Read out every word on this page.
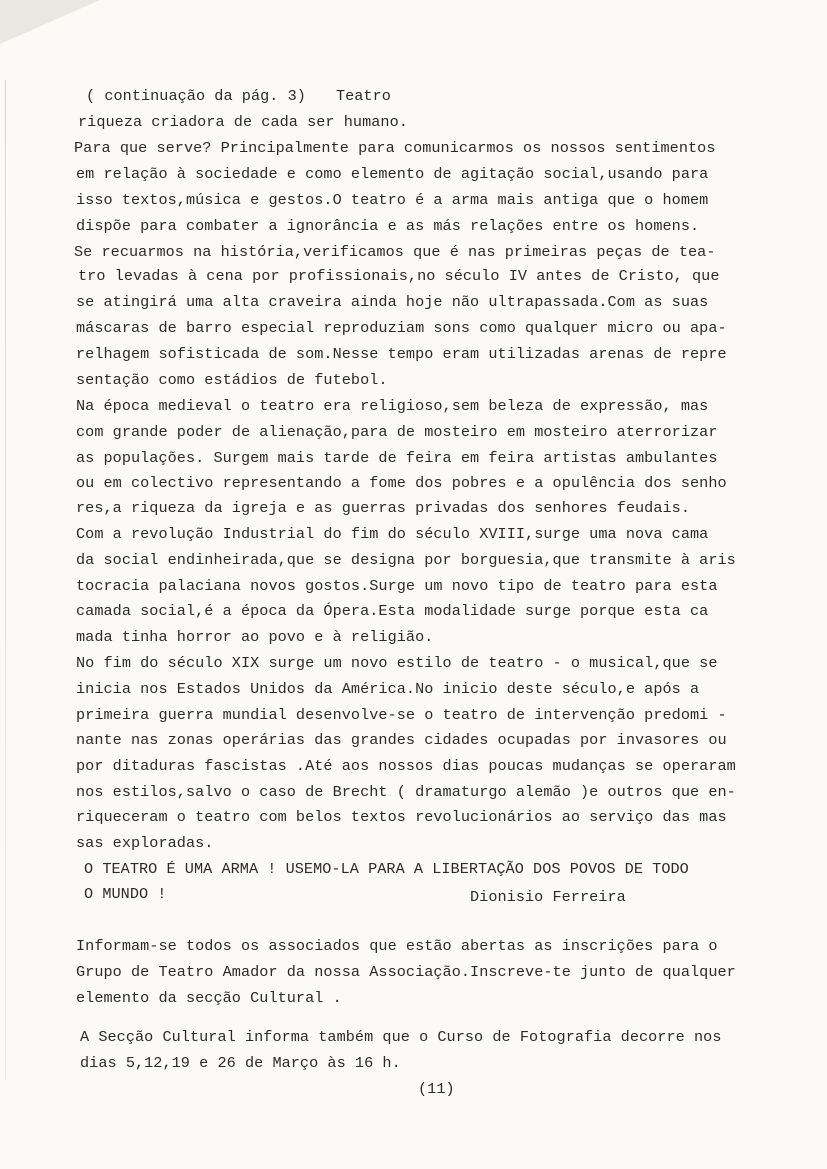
( continuação da pág. 3) Teatro
riqueza criadora de cada ser humano.
Para que serve? Principalmente para comunicarmos os nossos sentimentos
em relação à sociedade e como elemento de agitação social,usando para
isso textos,música e gestos.O teatro é a arma mais antiga que o homem
dispõe para combater a ignorância e as más relações entre os homens.
Se recuarmos na história,verificamos que é nas primeiras peças de tea-
tro levadas à cena por profissionais,no século IV antes de Cristo, que
se atingirá uma alta craveira ainda hoje não ultrapassada.Com as suas
máscaras de barro especial reproduziam sons como qualquer micro ou apa-
relhagem sofisticada de som.Nesse tempo eram utilizadas arenas de repre
sentação como estádios de futebol.
Na época medieval o teatro era religioso,sem beleza de expressão, mas
com grande poder de alienação,para de mosteiro em mosteiro aterrorizar
as populações. Surgem mais tarde de feira em feira artistas ambulantes
ou em colectivo representando a fome dos pobres e a opulência dos senho
res,a riqueza da igreja e as guerras privadas dos senhores feudais.
Com a revolução Industrial do fim do século XVIII,surge uma nova cama
da social endinheirada,que se designa por borguesia,que transmite à aris
tocracia palaciana novos gostos.Surge um novo tipo de teatro para esta
camada social,é a época da Ópera.Esta modalidade surge porque esta ca
mada tinha horror ao povo e à religião.
No fim do século XIX surge um novo estilo de teatro - o musical,que se
inicia nos Estados Unidos da América.No inicio deste século,e após a
primeira guerra mundial desenvolve-se o teatro de intervenção predomi -
nante nas zonas operárias das grandes cidades ocupadas por invasores ou
por ditaduras fascistas .Até aos nossos dias poucas mudanças se operaram
nos estilos,salvo o caso de Brecht ( dramaturgo alemão )e outros que en-
riqueceram o teatro com belos textos revolucionários ao serviço das mas
sas exploradas.
O TEATRO É UMA ARMA ! USEMO-LA PARA A LIBERTAÇÃO DOS POVOS DE TODO
O MUNDO !	Dionisio Ferreira
Informam-se todos os associados que estão abertas as inscrições para o
Grupo de Teatro Amador da nossa Associação.Inscreve-te junto de qualquer
elemento da secção Cultural .
A Secção Cultural informa também que o Curso de Fotografia decorre nos
dias 5,12,19 e 26 de Março às 16 h.
(11)
